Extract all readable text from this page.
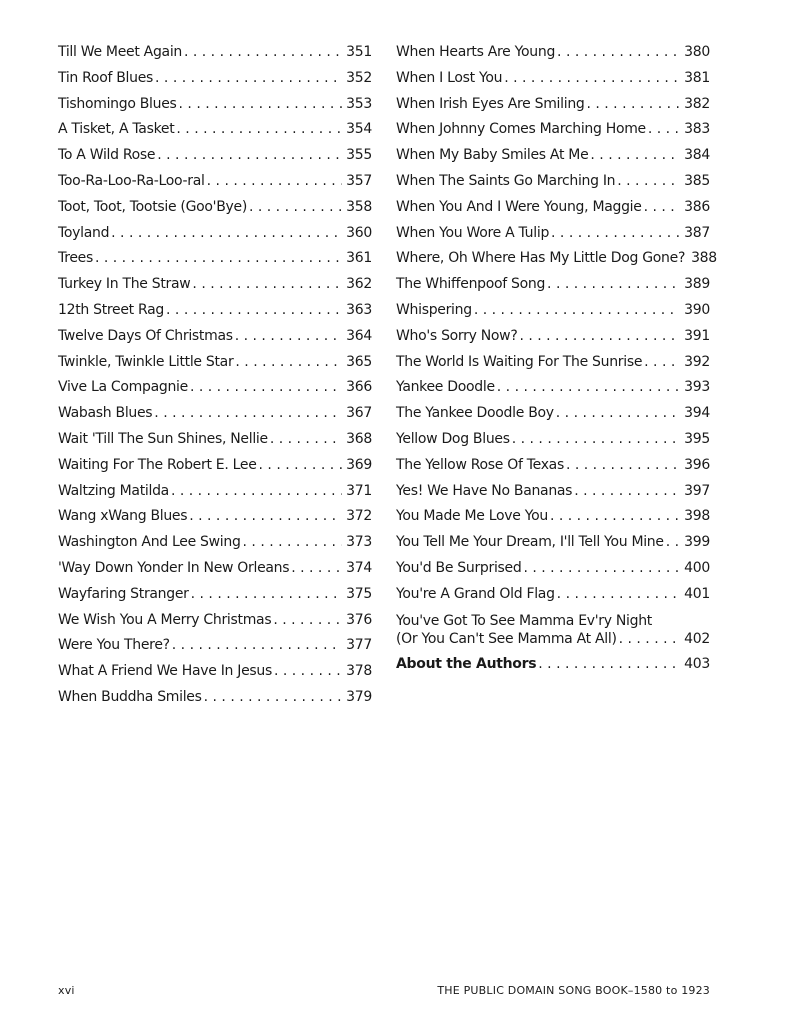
Till We Meet Again . . .	351
Tin Roof Blues . . .	352
Tishomingo Blues . . .	353
A Tisket, A Tasket . . .	354
To A Wild Rose . . .	355
Too-Ra-Loo-Ra-Loo-ral . . .	357
Toot, Toot, Tootsie (Goo'Bye) . . .	358
Toyland . . .	360
Trees . . .	361
Turkey In The Straw . . .	362
12th Street Rag . . .	363
Twelve Days Of Christmas . . .	364
Twinkle, Twinkle Little Star . . .	365
Vive La Compagnie . . .	366
Wabash Blues . . .	367
Wait 'Till The Sun Shines, Nellie . . .	368
Waiting For The Robert E. Lee . . .	369
Waltzing Matilda . . .	371
Wang xWang Blues . . .	372
Washington And Lee Swing . . .	373
'Way Down Yonder In New Orleans . . .	374
Wayfaring Stranger . . .	375
We Wish You A Merry Christmas . . .	376
Were You There? . . .	377
What A Friend We Have In Jesus . . .	378
When Buddha Smiles . . .	379
When Hearts Are Young . . .	380
When I Lost You . . .	381
When Irish Eyes Are Smiling . . .	382
When Johnny Comes Marching Home . . .	383
When My Baby Smiles At Me . . .	384
When The Saints Go Marching In . . .	385
When You And I Were Young, Maggie . . .	386
When You Wore A Tulip . . .	387
Where, Oh Where Has My Little Dog Gone? 388
The Whiffenpoof Song . . .	389
Whispering . . .	390
Who's Sorry Now? . . .	391
The World Is Waiting For The Sunrise . . .	392
Yankee Doodle . . .	393
The Yankee Doodle Boy . . .	394
Yellow Dog Blues . . .	395
The Yellow Rose Of Texas . . .	396
Yes! We Have No Bananas . . .	397
You Made Me Love You . . .	398
You Tell Me Your Dream, I'll Tell You Mine . . . 399
You'd Be Surprised . . .	400
You're A Grand Old Flag . . .	401
You've Got To See Mamma Ev'ry Night
(Or You Can't See Mamma At All) . . .	402
About the Authors . . .	403
xvi	THE PUBLIC DOMAIN SONG BOOK–1580 to 1923
